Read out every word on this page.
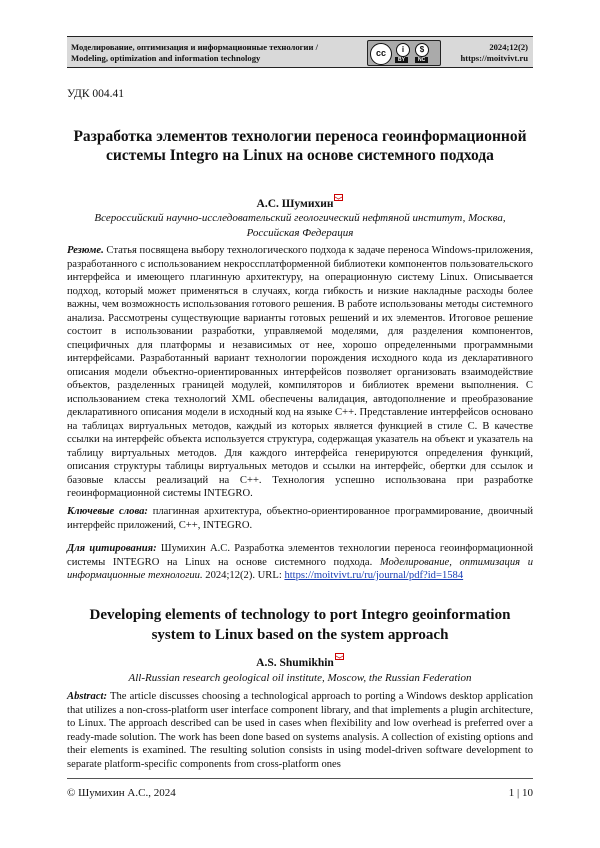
Моделирование, оптимизация и информационные технологии /
Modeling, optimization and information technology	cc	i	$
BY	NC
2024;12(2)
https://moitvivt.ru
УДК 004.41
Разработка элементов технологии переноса геоинформационной системы Integro на Linux на основе системного подхода
А.С. Шумихин
Всероссийский научно-исследовательский геологический нефтяной институт, Москва, Российская Федерация
Резюме. Статья посвящена выбору технологического подхода к задаче переноса Windows-приложения, разработанного с использованием некроссплатформенной библиотеки компонентов пользовательского интерфейса и имеющего плагинную архитектуру, на операционную систему Linux. Описывается подход, который может применяться в случаях, когда гибкость и низкие накладные расходы более важны, чем возможность использования готового решения. В работе использованы методы системного анализа. Рассмотрены существующие варианты готовых решений и их элементов. Итоговое решение состоит в использовании разработки, управляемой моделями, для разделения компонентов, специфичных для платформы и независимых от нее, хорошо определенными программными интерфейсами. Разработанный вариант технологии порождения исходного кода из декларативного описания модели объектно-ориентированных интерфейсов позволяет организовать взаимодействие объектов, разделенных границей модулей, компиляторов и библиотек времени выполнения. С использованием стека технологий XML обеспечены валидация, автодополнение и преобразование декларативного описания модели в исходный код на языке C++. Представление интерфейсов основано на таблицах виртуальных методов, каждый из которых является функцией в стиле C. В качестве ссылки на интерфейс объекта используется структура, содержащая указатель на объект и указатель на таблицу виртуальных методов. Для каждого интерфейса генерируются определения функций, описания структуры таблицы виртуальных методов и ссылки на интерфейс, обертки для ссылок и базовые классы реализаций на C++. Технология успешно использована при разработке геоинформационной системы INTEGRO.
Ключевые слова: плагинная архитектура, объектно-ориентированное программирование, двоичный интерфейс приложений, C++, INTEGRO.
Для цитирования: Шумихин А.С. Разработка элементов технологии переноса геоинформационной системы INTEGRO на Linux на основе системного подхода. Моделирование, оптимизация и информационные технологии. 2024;12(2). URL: https://moitvivt.ru/ru/journal/pdf?id=1584
Developing elements of technology to port Integro geoinformation system to Linux based on the system approach
A.S. Shumikhin
All-Russian research geological oil institute, Moscow, the Russian Federation
Abstract: The article discusses choosing a technological approach to porting a Windows desktop application that utilizes a non-cross-platform user interface component library, and that implements a plugin architecture, to Linux. The approach described can be used in cases when flexibility and low overhead is preferred over a ready-made solution. The work has been done based on systems analysis. A collection of existing options and their elements is examined. The resulting solution consists in using model-driven software development to separate platform-specific components from cross-platform ones
© Шумихин А.С., 2024	1 | 10
